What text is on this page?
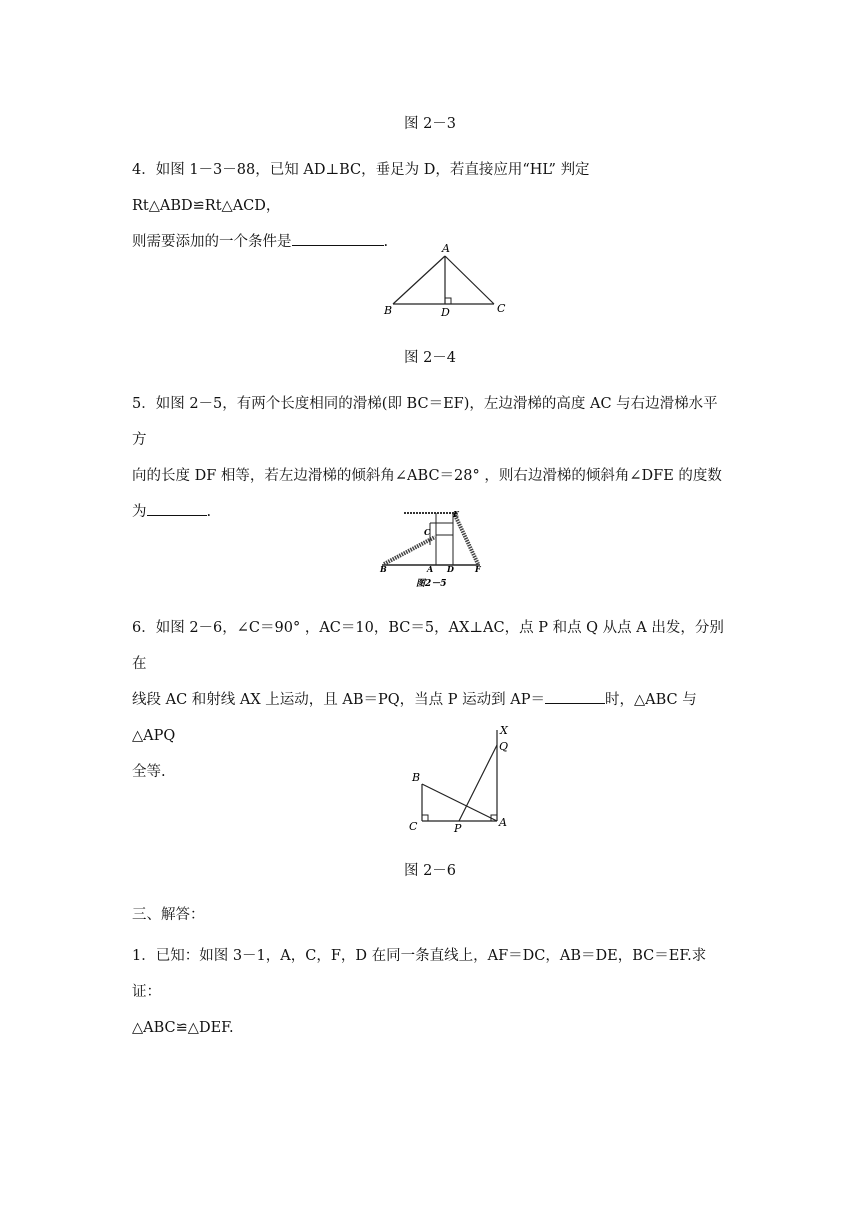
图 2－3
4．如图 1－3－88，已知 AD⊥BC，垂足为 D，若直接应用“HL” 判定 Rt△ABD≌Rt△ACD，
则需要添加的一个条件是	.	A
B	C
D
图 2－4
5．如图 2－5，有两个长度相同的滑梯(即 BC＝EF)，左边滑梯的高度 AC 与右边滑梯水平方
向的长度 DF 相等，若左边滑梯的倾斜角∠ABC＝28° ，则右边滑梯的倾斜角∠DFE 的度数
为	.
B	A D	F
C
E
图2－5
6．如图 2－6，∠C＝90° ，AC＝10，BC＝5，AX⊥AC，点 P 和点 Q 从点 A 出发，分别在
线段 AC 和射线 AX 上运动，且 AB＝PQ，当点 P 运动到 AP＝	时，△ABC 与△APQ
全等.
X
Q
B
C	P	A
图 2－6
三、解答：
1．已知：如图 3－1，A，C，F，D 在同一条直线上，AF＝DC，AB＝DE，BC＝EF.求证：
△ABC≌△DEF.
